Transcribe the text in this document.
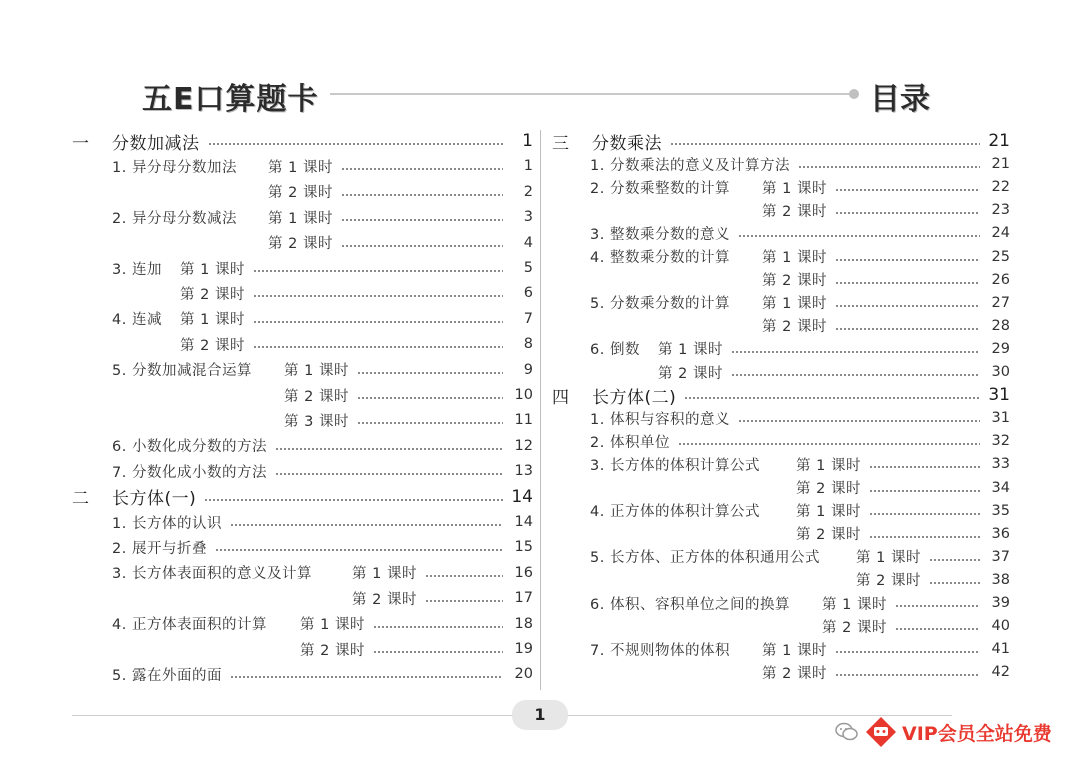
五E口算题卡	目录
一	分数加减法	1
1. 异分母分数加法	第 1 课时	1
第 2 课时	2
2. 异分母分数减法	第 1 课时	3
第 2 课时	4
3. 连加	第 1 课时	5
第 2 课时	6
4. 连减	第 1 课时	7
第 2 课时	8
5. 分数加减混合运算	第 1 课时	9
第 2 课时	10
第 3 课时	11
6. 小数化成分数的方法	12
7. 分数化成小数的方法	13
二	长方体(一)	14
1. 长方体的认识	14
2. 展开与折叠	15
3. 长方体表面积的意义及计算	第 1 课时	16
第 2 课时	17
4. 正方体表面积的计算	第 1 课时	18
第 2 课时	19
5. 露在外面的面	20
三	分数乘法	21
1. 分数乘法的意义及计算方法	21
2. 分数乘整数的计算	第 1 课时	22
第 2 课时	23
3. 整数乘分数的意义	24
4. 整数乘分数的计算	第 1 课时	25
第 2 课时	26
5. 分数乘分数的计算	第 1 课时	27
第 2 课时	28
6. 倒数	第 1 课时	29
第 2 课时	30
四	长方体(二)	31
1. 体积与容积的意义	31
2. 体积单位	32
3. 长方体的体积计算公式	第 1 课时	33
第 2 课时	34
4. 正方体的体积计算公式	第 1 课时	35
第 2 课时	36
5. 长方体、正方体的体积通用公式	第 1 课时	37
第 2 课时	38
6. 体积、容积单位之间的换算	第 1 课时	39
第 2 课时	40
7. 不规则物体的体积	第 1 课时	41
第 2 课时	42
1
VIP会员全站免费
